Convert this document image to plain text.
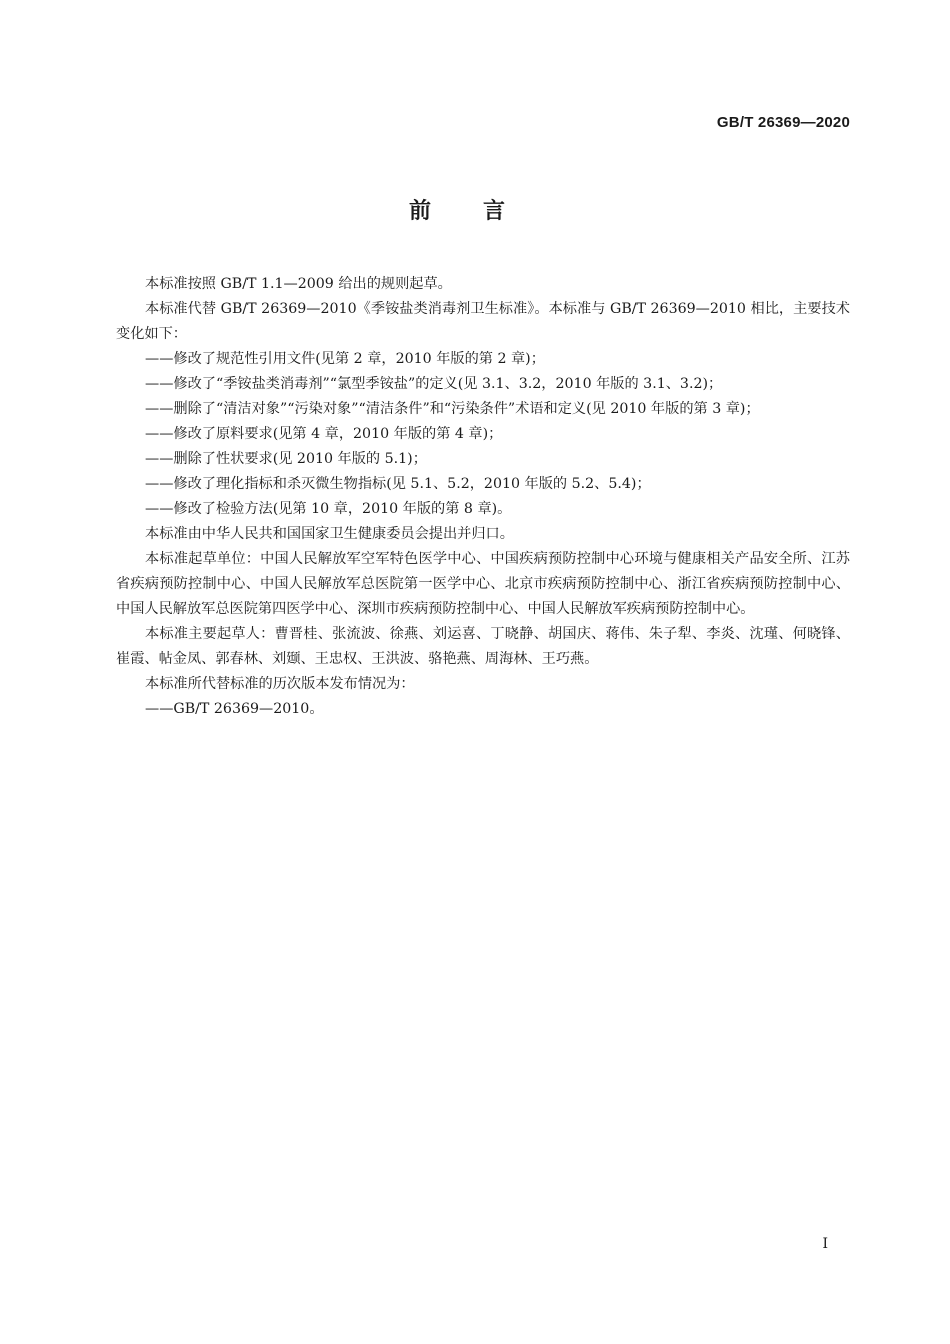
GB/T 26369—2020
前言

本标准按照 GB/T 1.1—2009 给出的规则起草。

本标准代替 GB/T 26369—2010《季铵盐类消毒剂卫生标准》。本标准与 GB/T 26369—2010 相比，主要技术变化如下：

——修改了规范性引用文件(见第 2 章，2010 年版的第 2 章)；

——修改了“季铵盐类消毒剂”“氯型季铵盐”的定义(见 3.1、3.2，2010 年版的 3.1、3.2)；

——删除了“清洁对象”“污染对象”“清洁条件”和“污染条件”术语和定义(见 2010 年版的第 3 章)；

——修改了原料要求(见第 4 章，2010 年版的第 4 章)；

——删除了性状要求(见 2010 年版的 5.1)；

——修改了理化指标和杀灭微生物指标(见 5.1、5.2，2010 年版的 5.2、5.4)；

——修改了检验方法(见第 10 章，2010 年版的第 8 章)。

本标准由中华人民共和国国家卫生健康委员会提出并归口。

本标准起草单位：中国人民解放军空军特色医学中心、中国疾病预防控制中心环境与健康相关产品安全所、江苏省疾病预防控制中心、中国人民解放军总医院第一医学中心、北京市疾病预防控制中心、浙江省疾病预防控制中心、中国人民解放军总医院第四医学中心、深圳市疾病预防控制中心、中国人民解放军疾病预防控制中心。

本标准主要起草人：曹晋桂、张流波、徐燕、刘运喜、丁晓静、胡国庆、蒋伟、朱子犁、李炎、沈瑾、何晓锋、崔霞、帖金凤、郭春林、刘颋、王忠权、王洪波、骆艳燕、周海林、王巧燕。

本标准所代替标准的历次版本发布情况为：

——GB/T 26369—2010。

I
